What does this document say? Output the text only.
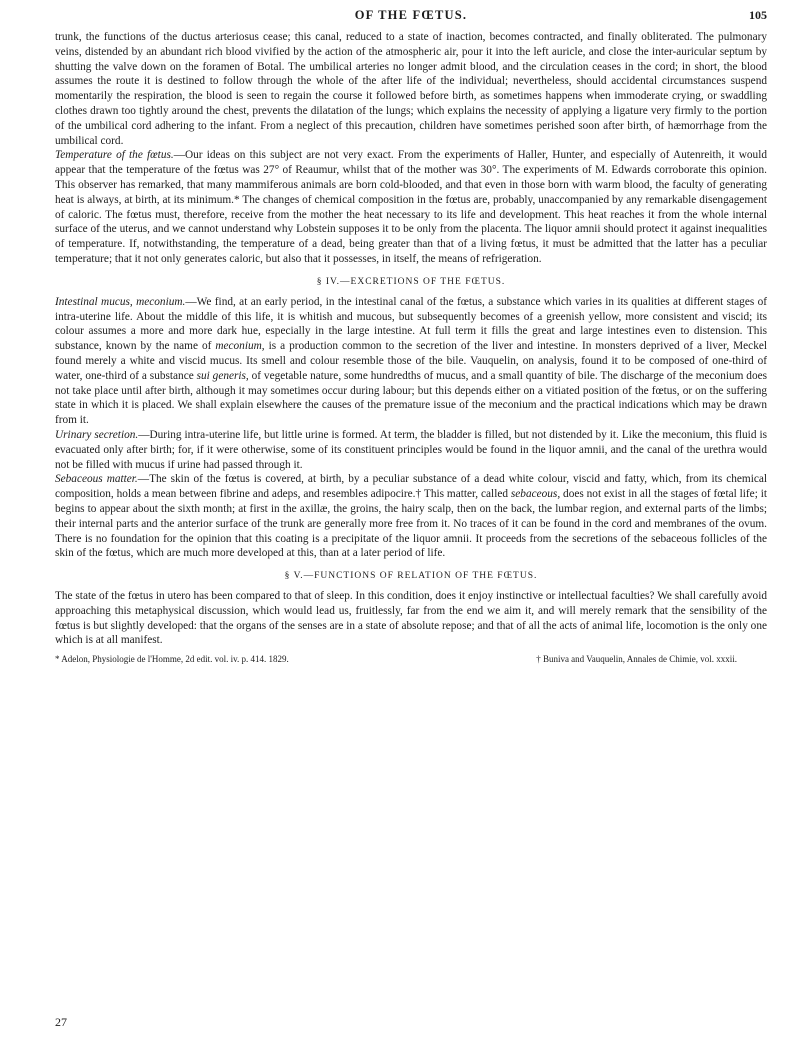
OF THE FŒTUS.	105

trunk, the functions of the ductus arteriosus cease; this canal, reduced to a state of inaction, becomes contracted, and finally obliterated. The pulmonary veins, distended by an abundant rich blood vivified by the action of the atmospheric air, pour it into the left auricle, and close the inter-auricular septum by shutting the valve down on the foramen of Botal. The umbilical arteries no longer admit blood, and the circulation ceases in the cord; in short, the blood assumes the route it is destined to follow through the whole of the after life of the individual; nevertheless, should accidental circumstances suspend momentarily the respiration, the blood is seen to regain the course it followed before birth, as sometimes happens when immoderate crying, or swaddling clothes drawn too tightly around the chest, prevents the dilatation of the lungs; which explains the necessity of applying a ligature very firmly to the portion of the umbilical cord adhering to the infant. From a neglect of this precaution, children have sometimes perished soon after birth, of hæmorrhage from the umbilical cord.

Temperature of the fœtus.—Our ideas on this subject are not very exact. From the experiments of Haller, Hunter, and especially of Autenreith, it would appear that the temperature of the fœtus was 27° of Reaumur, whilst that of the mother was 30°. The experiments of M. Edwards corroborate this opinion. This observer has remarked, that many mammiferous animals are born cold-blooded, and that even in those born with warm blood, the faculty of generating heat is always, at birth, at its minimum.* The changes of chemical composition in the fœtus are, probably, unaccompanied by any remarkable disengagement of caloric. The fœtus must, therefore, receive from the mother the heat necessary to its life and development. This heat reaches it from the whole internal surface of the uterus, and we cannot understand why Lobstein supposes it to be only from the placenta. The liquor amnii should protect it against inequalities of temperature. If, notwithstanding, the temperature of a dead, being greater than that of a living fœtus, it must be admitted that the latter has a peculiar temperature; that it not only generates caloric, but also that it possesses, in itself, the means of refrigeration.

§ IV.—EXCRETIONS OF THE FŒTUS.

Intestinal mucus, meconium.—We find, at an early period, in the intestinal canal of the fœtus, a substance which varies in its qualities at different stages of intra-uterine life. About the middle of this life, it is whitish and mucous, but subsequently becomes of a greenish yellow, more consistent and viscid; its colour assumes a more and more dark hue, especially in the large intestine. At full term it fills the great and large intestines even to distension. This substance, known by the name of meconium, is a production common to the secretion of the liver and intestine. In monsters deprived of a liver, Meckel found merely a white and viscid mucus. Its smell and colour resemble those of the bile. Vauquelin, on analysis, found it to be composed of one-third of water, one-third of a substance sui generis, of vegetable nature, some hundredths of mucus, and a small quantity of bile. The discharge of the meconium does not take place until after birth, although it may sometimes occur during labour; but this depends either on a vitiated position of the fœtus, or on the suffering state in which it is placed. We shall explain elsewhere the causes of the premature issue of the meconium and the practical indications which may be drawn from it.

Urinary secretion.—During intra-uterine life, but little urine is formed. At term, the bladder is filled, but not distended by it. Like the meconium, this fluid is evacuated only after birth; for, if it were otherwise, some of its constituent principles would be found in the liquor amnii, and the canal of the urethra would not be filled with mucus if urine had passed through it.

Sebaceous matter.—The skin of the fœtus is covered, at birth, by a peculiar substance of a dead white colour, viscid and fatty, which, from its chemical composition, holds a mean between fibrine and adeps, and resembles adipocire.† This matter, called sebaceous, does not exist in all the stages of fœtal life; it begins to appear about the sixth month; at first in the axillæ, the groins, the hairy scalp, then on the back, the lumbar region, and external parts of the limbs; their internal parts and the anterior surface of the trunk are generally more free from it. No traces of it can be found in the cord and membranes of the ovum. There is no foundation for the opinion that this coating is a precipitate of the liquor amnii. It proceeds from the secretions of the sebaceous follicles of the skin of the fœtus, which are much more developed at this, than at a later period of life.

§ V.—FUNCTIONS OF RELATION OF THE FŒTUS.

The state of the fœtus in utero has been compared to that of sleep. In this condition, does it enjoy instinctive or intellectual faculties? We shall carefully avoid approaching this metaphysical discussion, which would lead us, fruitlessly, far from the end we aim it, and will merely remark that the sensibility of the fœtus is but slightly developed: that the organs of the senses are in a state of absolute repose; and that of all the acts of animal life, locomotion is the only one which is at all manifest.

* Adelon, Physiologie de l'Homme, 2d edit. vol. iv. p. 414. 1829.	† Buniva and Vauquelin, Annales de Chimie, vol. xxxii.
27
